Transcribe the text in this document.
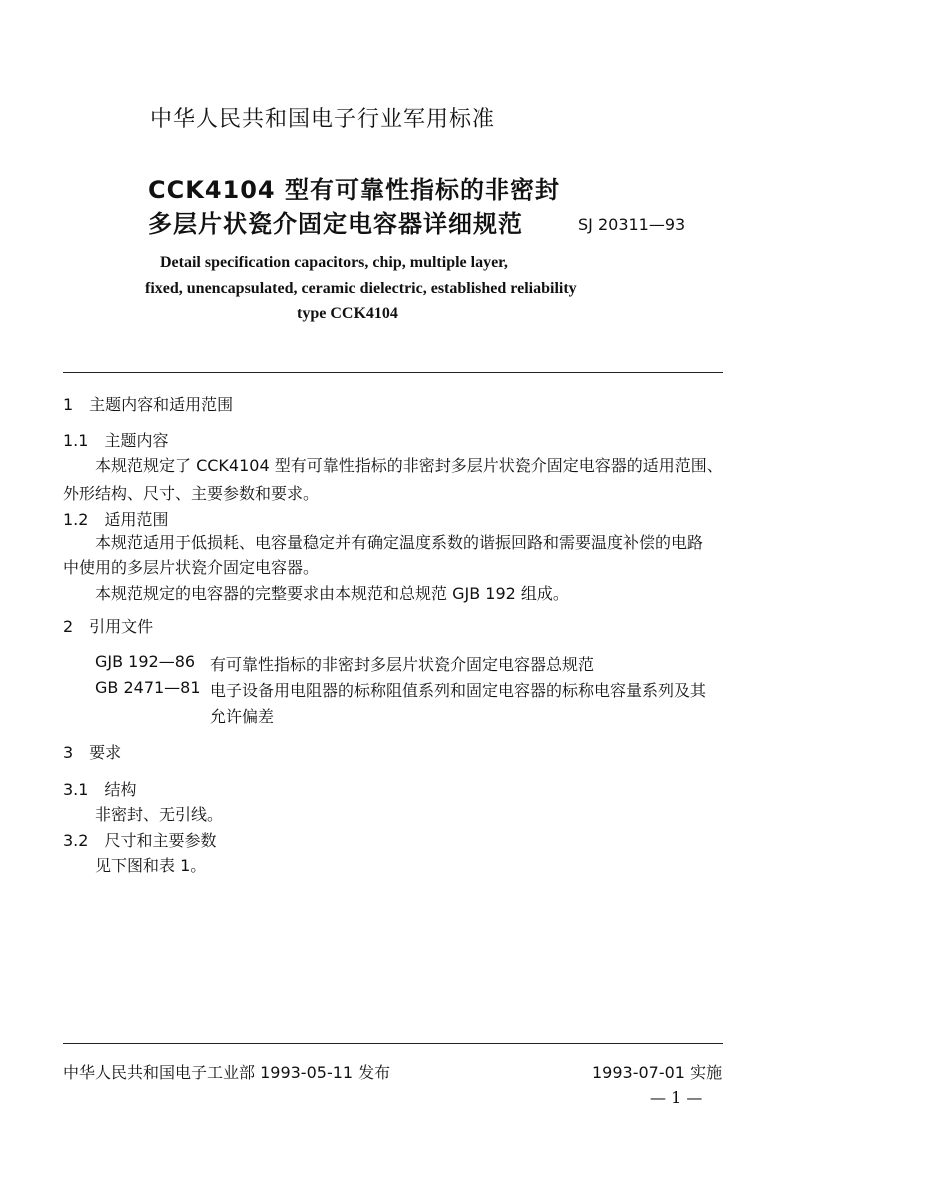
中华人民共和国电子行业军用标准
CCK4104 型有可靠性指标的非密封
多层片状瓷介固定电容器详细规范	SJ 20311—93
Detail specification capacitors, chip, multiple layer,
fixed, unencapsulated, ceramic dielectric, established reliability
type CCK4104
1　主题内容和适用范围
1.1　主题内容
本规范规定了 CCK4104 型有可靠性指标的非密封多层片状瓷介固定电容器的适用范围、
外形结构、尺寸、主要参数和要求。
1.2　适用范围
本规范适用于低损耗、电容量稳定并有确定温度系数的谐振回路和需要温度补偿的电路
中使用的多层片状瓷介固定电容器。
本规范规定的电容器的完整要求由本规范和总规范 GJB 192 组成。
2　引用文件
GJB 192—86 有可靠性指标的非密封多层片状瓷介固定电容器总规范
GB 2471—81 电子设备用电阻器的标称阻值系列和固定电容器的标称电容量系列及其
允许偏差
3　要求
3.1　结构
非密封、无引线。
3.2　尺寸和主要参数
见下图和表 1。
中华人民共和国电子工业部 1993-05-11 发布	1993-07-01 实施
— 1 —
